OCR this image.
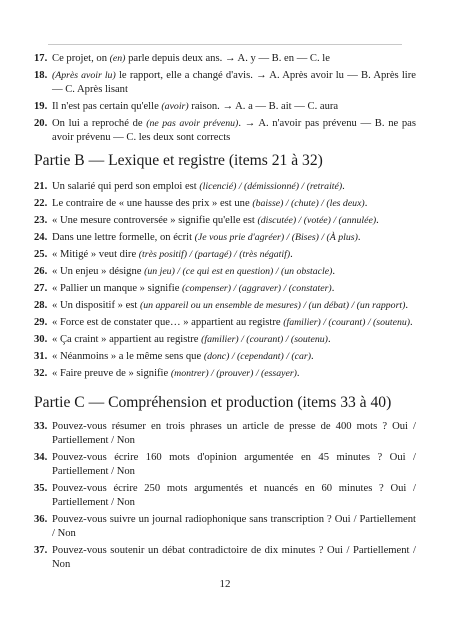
17. Ce projet, on (en) parle depuis deux ans. → A. y — B. en — C. le
18. (Après avoir lu) le rapport, elle a changé d'avis. → A. Après avoir lu — B. Après lire — C. Après lisant
19. Il n'est pas certain qu'elle (avoir) raison. → A. a — B. ait — C. aura
20. On lui a reproché de (ne pas avoir prévenu). → A. n'avoir pas prévenu — B. ne pas avoir prévenu — C. les deux sont corrects
Partie B — Lexique et registre (items 21 à 32)
21. Un salarié qui perd son emploi est (licencié) / (démissionné) / (retraité).
22. Le contraire de « une hausse des prix » est une (baisse) / (chute) / (les deux).
23. « Une mesure controversée » signifie qu'elle est (discutée) / (votée) / (annulée).
24. Dans une lettre formelle, on écrit (Je vous prie d'agréer) / (Bises) / (À plus).
25. « Mitigé » veut dire (très positif) / (partagé) / (très négatif).
26. « Un enjeu » désigne (un jeu) / (ce qui est en question) / (un obstacle).
27. « Pallier un manque » signifie (compenser) / (aggraver) / (constater).
28. « Un dispositif » est (un appareil ou un ensemble de mesures) / (un débat) / (un rapport).
29. « Force est de constater que… » appartient au registre (familier) / (courant) / (soutenu).
30. « Ça craint » appartient au registre (familier) / (courant) / (soutenu).
31. « Néanmoins » a le même sens que (donc) / (cependant) / (car).
32. « Faire preuve de » signifie (montrer) / (prouver) / (essayer).
Partie C — Compréhension et production (items 33 à 40)
33. Pouvez-vous résumer en trois phrases un article de presse de 400 mots ? Oui / Partiellement / Non
34. Pouvez-vous écrire 160 mots d'opinion argumentée en 45 minutes ? Oui / Partiellement / Non
35. Pouvez-vous écrire 250 mots argumentés et nuancés en 60 minutes ? Oui / Partiellement / Non
36. Pouvez-vous suivre un journal radiophonique sans transcription ? Oui / Partiellement / Non
37. Pouvez-vous soutenir un débat contradictoire de dix minutes ? Oui / Partiellement / Non
12
